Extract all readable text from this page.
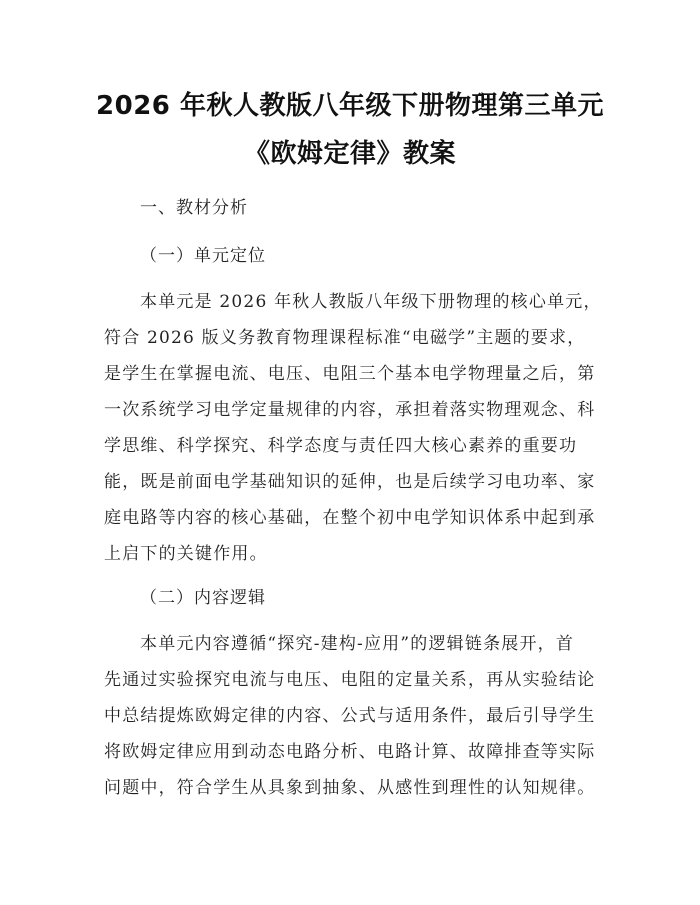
2026 年秋人教版八年级下册物理第三单元
《欧姆定律》教案
一、教材分析
（一）单元定位
本单元是 2026 年秋人教版八年级下册物理的核心单元，
符合 2026 版义务教育物理课程标准“电磁学”主题的要求，
是学生在掌握电流、电压、电阻三个基本电学物理量之后，第
一次系统学习电学定量规律的内容，承担着落实物理观念、科
学思维、科学探究、科学态度与责任四大核心素养的重要功
能，既是前面电学基础知识的延伸，也是后续学习电功率、家
庭电路等内容的核心基础，在整个初中电学知识体系中起到承
上启下的关键作用。
（二）内容逻辑
本单元内容遵循“探究-建构-应用”的逻辑链条展开，首
先通过实验探究电流与电压、电阻的定量关系，再从实验结论
中总结提炼欧姆定律的内容、公式与适用条件，最后引导学生
将欧姆定律应用到动态电路分析、电路计算、故障排查等实际
问题中，符合学生从具象到抽象、从感性到理性的认知规律。
